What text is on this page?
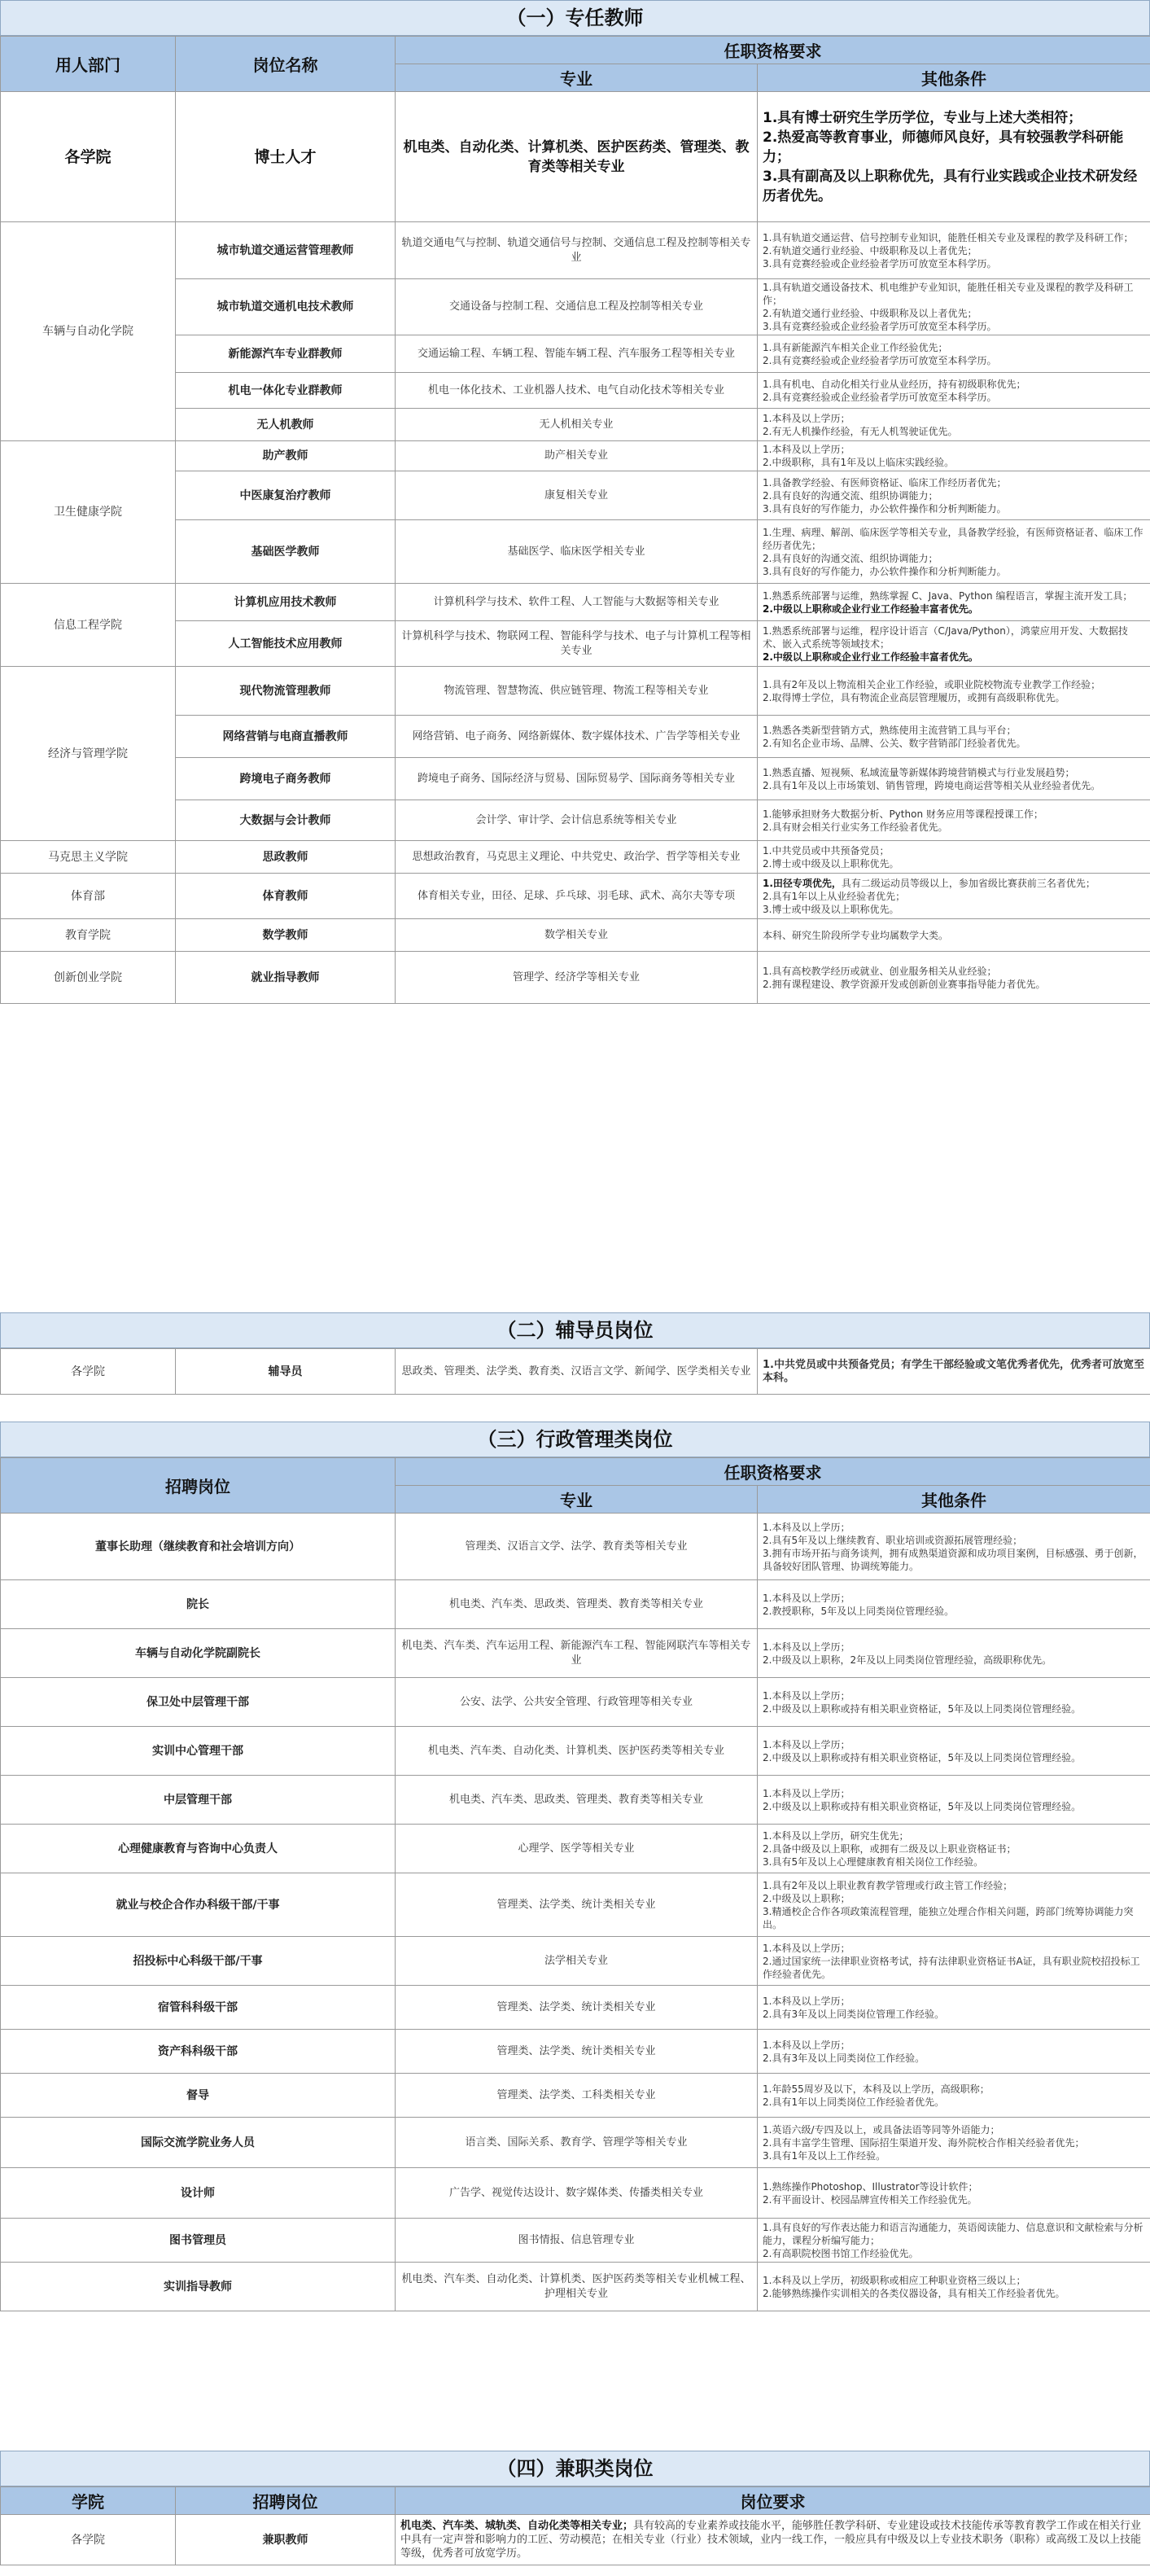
（一）专任教师
用人部门	岗位名称	任职资格要求	
		专业	其他条件
各学院	博士人才	机电类、自动化类、计算机类、医护医药类、管理类、教育类等相关专业	1.具有博士研究生学历学位，专业与上述大类相符；
2.热爱高等教育事业，师德师风良好，具有较强教学科研能力；
3.具有副高及以上职称优先，具有行业实践或企业技术研发经历者优先。

车辆与自动化学院	城市轨道交通运营管理教师	轨道交通电气与控制、轨道交通信号与控制、交通信息工程及控制等相关专业	1.具有轨道交通运营、信号控制专业知识，能胜任相关专业及课程的教学及科研工作；
2.有轨道交通行业经验、中级职称及以上者优先；
3.具有竞赛经验或企业经验者学历可放宽至本科学历。

	城市轨道交通机电技术教师	交通设备与控制工程、交通信息工程及控制等相关专业	1.具有轨道交通设备技术、机电维护专业知识，能胜任相关专业及课程的教学及科研工作；
2.有轨道交通行业经验、中级职称及以上者优先；
3.具有竞赛经验或企业经验者学历可放宽至本科学历。

	新能源汽车专业群教师	交通运输工程、车辆工程、智能车辆工程、汽车服务工程等相关专业	1.具有新能源汽车相关企业工作经验优先；
2.具有竞赛经验或企业经验者学历可放宽至本科学历。

	机电一体化专业群教师	机电一体化技术、工业机器人技术、电气自动化技术等相关专业	1.具有机电、自动化相关行业从业经历，持有初级职称优先；
2.具有竞赛经验或企业经验者学历可放宽至本科学历。

	无人机教师	无人机相关专业	1.本科及以上学历；
2.有无人机操作经验，有无人机驾驶证优先。

卫生健康学院	助产教师	助产相关专业	1.本科及以上学历；
2.中级职称，具有1年及以上临床实践经验。

	中医康复治疗教师	康复相关专业	1.具备教学经验、有医师资格证、临床工作经历者优先；
2.具有良好的沟通交流、组织协调能力；
3.具有良好的写作能力，办公软件操作和分析判断能力。

	基础医学教师	基础医学、临床医学相关专业	1.生理、病理、解剖、临床医学等相关专业，具备教学经验，有医师资格证者、临床工作经历者优先；
2.具有良好的沟通交流、组织协调能力；
3.具有良好的写作能力，办公软件操作和分析判断能力。

信息工程学院	计算机应用技术教师	计算机科学与技术、软件工程、人工智能与大数据等相关专业	1.熟悉系统部署与运维，熟练掌握 C、Java、Python 编程语言，掌握主流开发工具；
2.中级以上职称或企业行业工作经验丰富者优先。

	人工智能技术应用教师	计算机科学与技术、物联网工程、智能科学与技术、电子与计算机工程等相关专业	1.熟悉系统部署与运维，程序设计语言（C/Java/Python），鸿蒙应用开发、大数据技术、嵌入式系统等领域技术；
2.中级以上职称或企业行业工作经验丰富者优先。

经济与管理学院	现代物流管理教师	物流管理、智慧物流、供应链管理、物流工程等相关专业	1.具有2年及以上物流相关企业工作经验，或职业院校物流专业教学工作经验；
2.取得博士学位，具有物流企业高层管理履历，或拥有高级职称优先。

	网络营销与电商直播教师	网络营销、电子商务、网络新媒体、数字媒体技术、广告学等相关专业	1.熟悉各类新型营销方式，熟练使用主流营销工具与平台；
2.有知名企业市场、品牌、公关、数字营销部门经验者优先。

	跨境电子商务教师	跨境电子商务、国际经济与贸易、国际贸易学、国际商务等相关专业	1.熟悉直播、短视频、私域流量等新媒体跨境营销模式与行业发展趋势；
2.具有1年及以上市场策划、销售管理，跨境电商运营等相关从业经验者优先。

	大数据与会计教师	会计学、审计学、会计信息系统等相关专业	1.能够承担财务大数据分析、Python 财务应用等课程授课工作；
2.具有财会相关行业实务工作经验者优先。

马克思主义学院	思政教师	思想政治教育，马克思主义理论、中共党史、政治学、哲学等相关专业	1.中共党员或中共预备党员；
2.博士或中级及以上职称优先。

体育部	体育教师	体育相关专业，田径、足球、乒乓球、羽毛球、武术、高尔夫等专项	1.田径专项优先，具有二级运动员等级以上，参加省级比赛获前三名者优先；

2.具有1年以上从业经验者优先；
3.博士或中级及以上职称优先。

教育学院	数学教师	数学相关专业	本科、研究生阶段所学专业均属数学大类。

创新创业学院	就业指导教师	管理学、经济学等相关专业	1.具有高校教学经历或就业、创业服务相关从业经验；
2.拥有课程建设、教学资源开发或创新创业赛事指导能力者优先。
（二）辅导员岗位
各学院	辅导员	思政类、管理类、法学类、教育类、汉语言文学、新闻学、医学类相关专业	1.中共党员或中共预备党员；有学生干部经验或文笔优秀者优先，优秀者可放宽至本科。
（三）行政管理类岗位
招聘岗位	任职资格要求	
	专业	其他条件
董事长助理（继续教育和社会培训方向）	管理类、汉语言文学、法学、教育类等相关专业	1.本科及以上学历；
2.具有5年及以上继续教育、职业培训或资源拓展管理经验；
3.拥有市场开拓与商务谈判，拥有成熟渠道资源和成功项目案例，目标感强、勇于创新，具备较好团队管理、协调统筹能力。

院长	机电类、汽车类、思政类、管理类、教育类等相关专业	1.本科及以上学历；
2.教授职称，5年及以上同类岗位管理经验。

车辆与自动化学院副院长	机电类、汽车类、汽车运用工程、新能源汽车工程、智能网联汽车等相关专业	1.本科及以上学历；
2.中级及以上职称，2年及以上同类岗位管理经验，高级职称优先。

保卫处中层管理干部	公安、法学、公共安全管理、行政管理等相关专业	1.本科及以上学历；
2.中级及以上职称或持有相关职业资格证，5年及以上同类岗位管理经验。

实训中心管理干部	机电类、汽车类、自动化类、计算机类、医护医药类等相关专业	1.本科及以上学历；
2.中级及以上职称或持有相关职业资格证，5年及以上同类岗位管理经验。

中层管理干部	机电类、汽车类、思政类、管理类、教育类等相关专业	1.本科及以上学历；
2.中级及以上职称或持有相关职业资格证，5年及以上同类岗位管理经验。

心理健康教育与咨询中心负责人	心理学、医学等相关专业	1.本科及以上学历，研究生优先；
2.具备中级及以上职称，或拥有二级及以上职业资格证书；
3.具有5年及以上心理健康教育相关岗位工作经验。

就业与校企合作办科级干部/干事	管理类、法学类、统计类相关专业	1.具有2年及以上职业教育教学管理或行政主管工作经验；
2.中级及以上职称；
3.精通校企合作各项政策流程管理，能独立处理合作相关问题，跨部门统筹协调能力突出。

招投标中心科级干部/干事	法学相关专业	1.本科及以上学历；
2.通过国家统一法律职业资格考试，持有法律职业资格证书A证，具有职业院校招投标工作经验者优先。

宿管科科级干部	管理类、法学类、统计类相关专业	1.本科及以上学历；
2.具有3年及以上同类岗位管理工作经验。

资产科科级干部	管理类、法学类、统计类相关专业	1.本科及以上学历；
2.具有3年及以上同类岗位工作经验。

督导	管理类、法学类、工科类相关专业	1.年龄55周岁及以下，本科及以上学历，高级职称；
2.具有1年以上同类岗位工作经验者优先。

国际交流学院业务人员	语言类、国际关系、教育学、管理学等相关专业	1.英语六级/专四及以上，或具备法语等同等外语能力；
2.具有丰富学生管理、国际招生渠道开发、海外院校合作相关经验者优先；
3.具有1年及以上工作经验。

设计师	广告学、视觉传达设计、数字媒体类、传播类相关专业	1.熟练操作Photoshop、Illustrator等设计软件；
2.有平面设计、校园品牌宣传相关工作经验优先。

图书管理员	图书情报、信息管理专业	1.具有良好的写作表达能力和语言沟通能力，英语阅读能力、信息意识和文献检索与分析能力，课程分析编写能力；
2.有高职院校图书馆工作经验优先。

实训指导教师	机电类、汽车类、自动化类、计算机类、医护医药类等相关专业机械工程、护理相关专业	1.本科及以上学历，初级职称或相应工种职业资格三级以上；
2.能够熟练操作实训相关的各类仪器设备，具有相关工作经验者优先。
（四）兼职类岗位
学院	招聘岗位	岗位要求
各学院	兼职教师	机电类、汽车类、城轨类、自动化类等相关专业；具有较高的专业素养或技能水平，能够胜任教学科研、专业建设或技术技能传承等教育教学工作或在相关行业中具有一定声誉和影响力的工匠、劳动模范；在相关专业（行业）技术领域，业内一线工作，一般应具有中级及以上专业技术职务（职称）或高级工及以上技能等级，优秀者可放宽学历。
